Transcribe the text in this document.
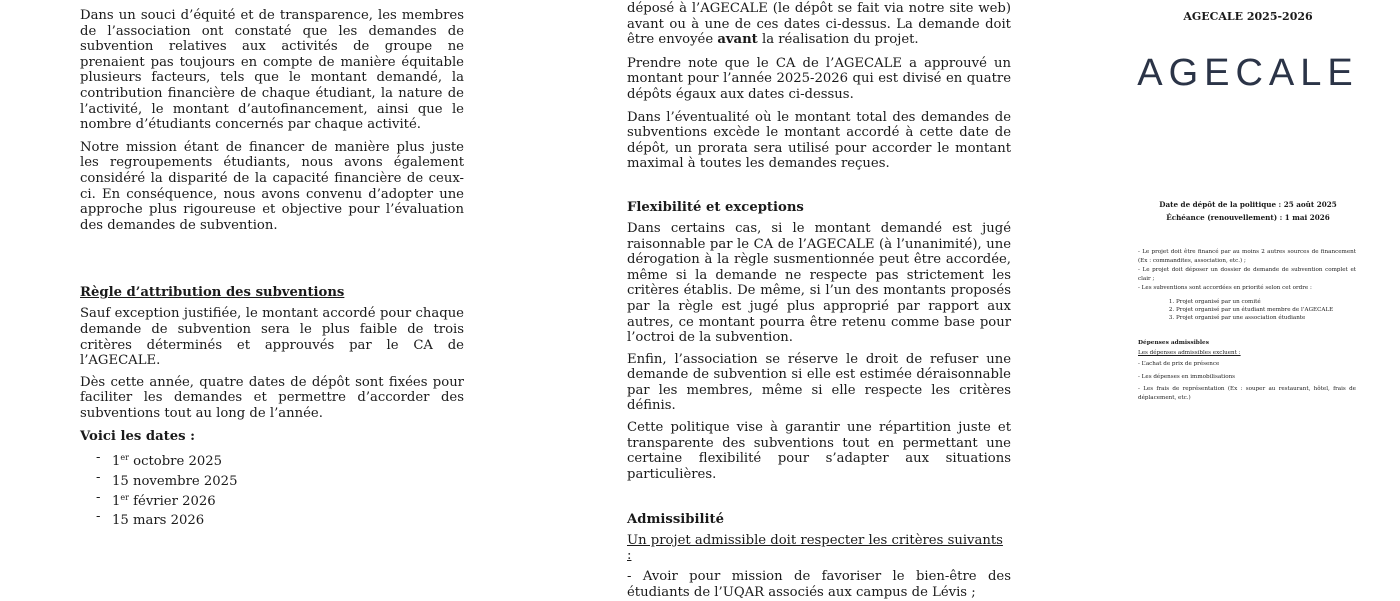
Dans un souci d’équité et de transparence, les membres de l’association ont constaté que les demandes de subvention relatives aux activités de groupe ne prenaient pas toujours en compte de manière équitable plusieurs facteurs, tels que le montant demandé, la contribution financière de chaque étudiant, la nature de l’activité, le montant d’autofinancement, ainsi que le nombre d’étudiants concernés par chaque activité.

Notre mission étant de financer de manière plus juste les regroupements étudiants, nous avons également considéré la disparité de la capacité financière de ceux-ci. En conséquence, nous avons convenu d’adopter une approche plus rigoureuse et objective pour l’évaluation des demandes de subvention.

Règle d’attribution des subventions

Sauf exception justifiée, le montant accordé pour chaque demande de subvention sera le plus faible de trois critères déterminés et approuvés par le CA de l’AGECALE.

Dès cette année, quatre dates de dépôt sont fixées pour faciliter les demandes et permettre d’accorder des subventions tout au long de l’année.

Voici les dates :

- 1er octobre 2025
- 15 novembre 2025
- 1er février 2026
- 15 mars 2026

déposé à l’AGECALE (le dépôt se fait via notre site web) avant ou à une de ces dates ci-dessus. La demande doit être envoyée avant la réalisation du projet.

Prendre note que le CA de l’AGECALE a approuvé un montant pour l’année 2025-2026 qui est divisé en quatre dépôts égaux aux dates ci-dessus.

Dans l’éventualité où le montant total des demandes de subventions excède le montant accordé à cette date de dépôt, un prorata sera utilisé pour accorder le montant maximal à toutes les demandes reçues.

Flexibilité et exceptions

Dans certains cas, si le montant demandé est jugé raisonnable par le CA de l’AGECALE (à l’unanimité), une dérogation à la règle susmentionnée peut être accordée, même si la demande ne respecte pas strictement les critères établis. De même, si l’un des montants proposés par la règle est jugé plus approprié par rapport aux autres, ce montant pourra être retenu comme base pour l’octroi de la subvention.

Enfin, l’association se réserve le droit de refuser une demande de subvention si elle est estimée déraisonnable par les membres, même si elle respecte les critères définis.

Cette politique vise à garantir une répartition juste et transparente des subventions tout en permettant une certaine flexibilité pour s’adapter aux situations particulières.

Admissibilité

Un projet admissible doit respecter les critères suivants :

- Avoir pour mission de favoriser le bien-être des étudiants de l’UQAR associés aux campus de Lévis ;

AGECALE 2025-2026
AGECALE

Date de dépôt de la politique : 25 août 2025

Échéance (renouvellement) : 1 mai 2026

- Le projet doit être financé par au moins 2 autres sources de financement (Ex : commandites, association, etc.) ;

- Le projet doit déposer un dossier de demande de subvention complet et clair ;

- Les subventions sont accordées en priorité selon cet ordre :

1. Projet organisé par un comité
2. Projet organisé par un étudiant membre de l’AGECALE
3. Projet organisé par une association étudiante

Dépenses admissibles

Les dépenses admissibles excluent :

- L’achat de prix de présence

- Les dépenses en immobilisations

- Les frais de représentation (Ex : souper au restaurant, hôtel, frais de déplacement, etc.)
